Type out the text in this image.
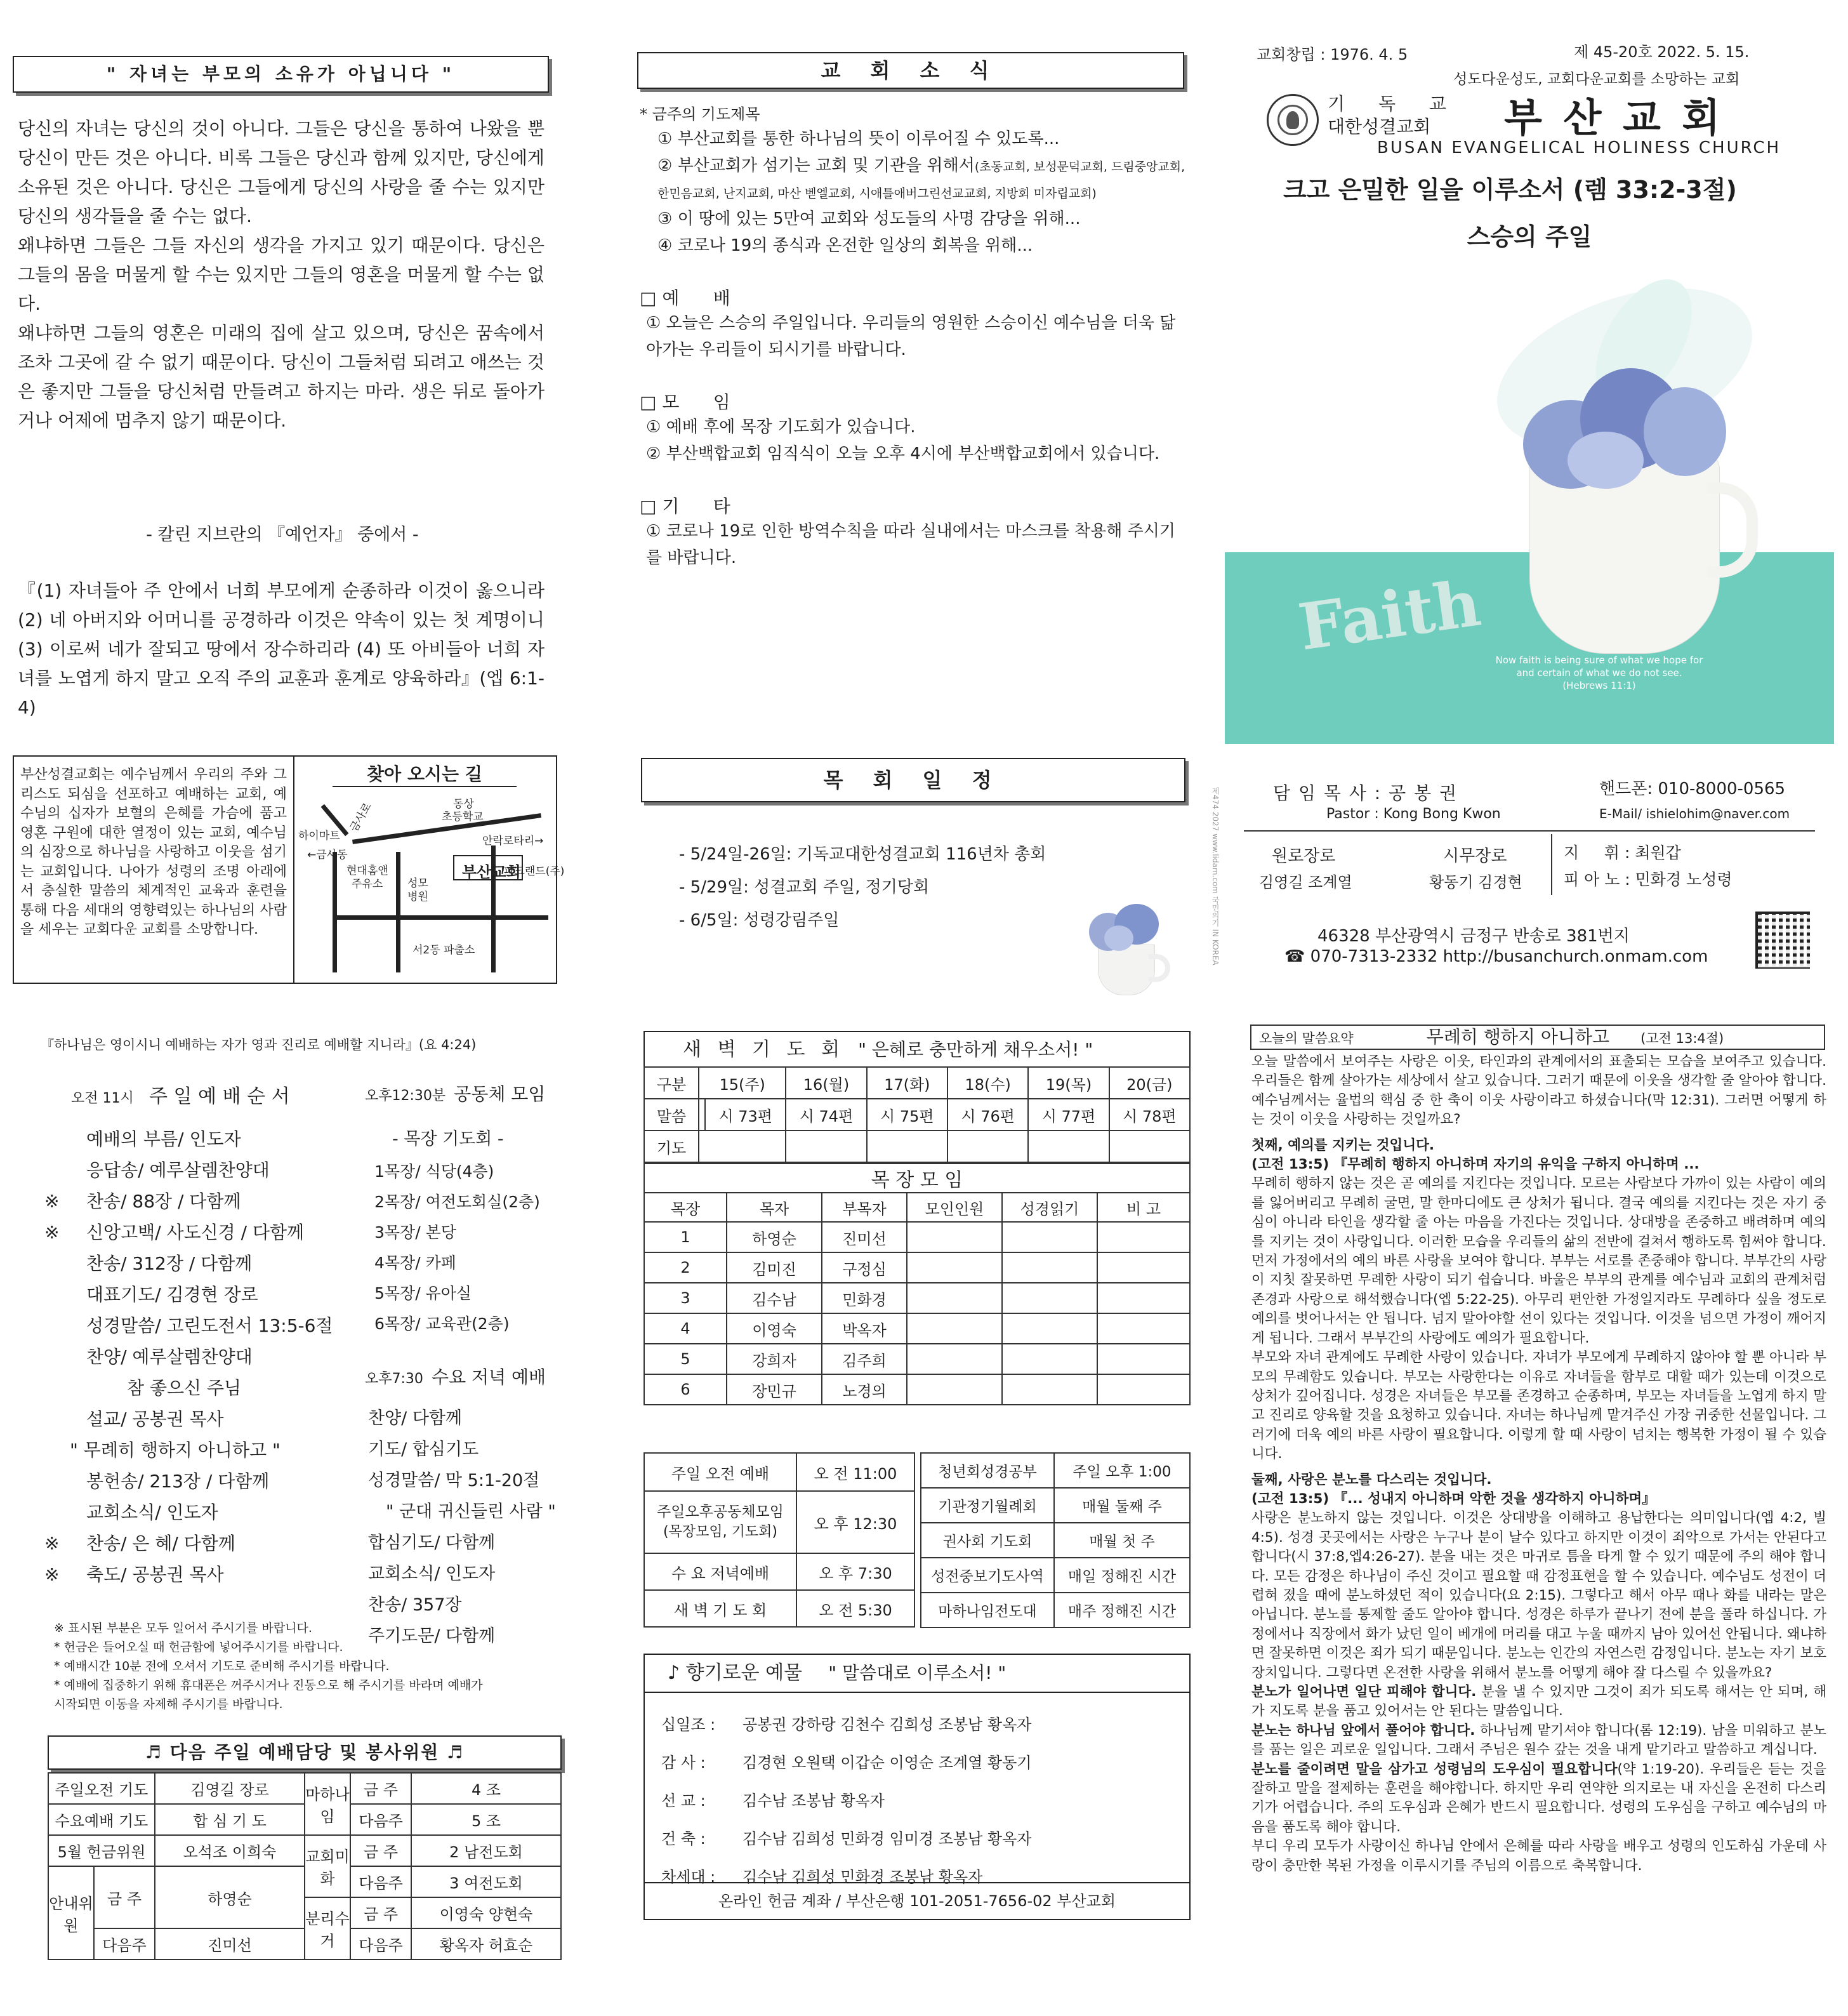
" 자녀는 부모의 소유가 아닙니다 "

당신의 자녀는 당신의 것이 아니다. 그들은 당신을 통하여 나왔을 뿐 당신이 만든 것은 아니다. 비록 그들은 당신과 함께 있지만, 당신에게 소유된 것은 아니다. 당신은 그들에게 당신의 사랑을 줄 수는 있지만 당신의 생각들을 줄 수는 없다.

왜냐하면 그들은 그들 자신의 생각을 가지고 있기 때문이다. 당신은 그들의 몸을 머물게 할 수는 있지만 그들의 영혼을 머물게 할 수는 없다.

왜냐하면 그들의 영혼은 미래의 집에 살고 있으며, 당신은 꿈속에서조차 그곳에 갈 수 없기 때문이다. 당신이 그들처럼 되려고 애쓰는 것은 좋지만 그들을 당신처럼 만들려고 하지는 마라. 생은 뒤로 돌아가거나 어제에 멈추지 않기 때문이다.

- 칼린 지브란의 『예언자』 중에서 -

『(1) 자녀들아 주 안에서 너희 부모에게 순종하라 이것이 옳으니라 (2) 네 아버지와 어머니를 공경하라 이것은 약속이 있는 첫 계명이니 (3) 이로써 네가 잘되고 땅에서 장수하리라 (4) 또 아비들아 너희 자녀를 노엽게 하지 말고 오직 주의 교훈과 훈계로 양육하라』(엡 6:1-4)

부산성결교회는 예수님께서 우리의 주와 그리스도 되심을 선포하고 예배하는 교회, 예수님의 십자가 보혈의 은혜를 가슴에 품고 영혼 구원에 대한 열정이 있는 교회, 예수님의 심장으로 하나님을 사랑하고 이웃을 섬기는 교회입니다. 나아가 성령의 조명 아래에서 충실한 말씀의 체계적인 교육과 훈련을 통해 다음 세대의 영향력있는 하나님의 사람을 세우는 교회다운 교회를 소망합니다.

찾아 오시는 길
하이마트
←금사동
금사로	동상
초등학교
안락로타리→
현대홈앤
주유소 성모
병원
파크랜드(주)
부산교회
서2동 파출소
『하나님은 영이시니 예배하는 자가 영과 진리로 예배할 지니라』(요 4:24)
오전 11시 주 일 예 배 순 서
예배의 부름/ 인도자
응답송/ 예루살렘찬양대
※ 찬송/ 88장 / 다함께
※ 신앙고백/ 사도신경 / 다함께
찬송/ 312장 / 다함께
대표기도/ 김경현 장로
성경말씀/ 고린도전서 13:5-6절
찬양/ 예루살렘찬양대
참 좋으신 주님
설교/ 공봉권 목사
" 무례히 행하지 아니하고 "
봉헌송/ 213장 / 다함께
교회소식/ 인도자
※ 찬송/ 은 혜/ 다함께
※ 축도/ 공봉권 목사
오후12:30분 공동체 모임
- 목장 기도회 -
1목장/ 식당(4층)
2목장/ 여전도회실(2층)
3목장/ 본당
4목장/ 카페
5목장/ 유아실
6목장/ 교육관(2층)
오후7:30 수요 저녁 예배
찬양/ 다함께
기도/ 합심기도
성경말씀/ 막 5:1-20절
" 군대 귀신들린 사람 "
합심기도/ 다함께
교회소식/ 인도자
찬송/ 357장
주기도문/ 다함께
※ 표시된 부분은 모두 일어서 주시기를 바랍니다.
* 헌금은 들어오실 때 헌금함에 넣어주시기를 바랍니다.
* 예배시간 10분 전에 오셔서 기도로 준비해 주시기를 바랍니다.
* 예배에 집중하기 위해 휴대폰은 꺼주시거나 진동으로 해 주시기를 바라며 예배가
시작되면 이동을 자제해 주시기를 바랍니다.
♬ 다음 주일 예배담당 및 봉사위원 ♬
주일오전 기도		김영길 장로	마하나임	금 주	4 조
수요예배 기도		합 심 기 도		다음주	5 조
5월 헌금위원		오석조 이희숙	교회미화	금 주	2 남전도회
안내위원	금 주	하영순		다음주	3 여전도회
			분리수거	금 주	이영숙 양현숙
	다음주	진미선		다음주	황옥자 허효순
교 회 소 식
* 금주의 기도제목
① 부산교회를 통한 하나님의 뜻이 이루어질 수 있도록...
② 부산교회가 섬기는 교회 및 기관을 위해서(초동교회, 보성문덕교회, 드림중앙교회, 한민음교회, 난지교회, 마산 벧엘교회, 시애틀애버그린선교교회, 지방회 미자립교회)
③ 이 땅에 있는 5만여 교회와 성도들의 사명 감당을 위해...
④ 코로나 19의 종식과 온전한 일상의 회복을 위해...
□ 예      배
① 오늘은 스승의 주일입니다. 우리들의 영원한 스승이신 예수님을 더욱 닮아가는 우리들이 되시기를 바랍니다.
□ 모      임
① 예배 후에 목장 기도회가 있습니다.
② 부산백합교회 임직식이 오늘 오후 4시에 부산백합교회에서 있습니다.
□ 기      타
① 코로나 19로 인한 방역수칙을 따라 실내에서는 마스크를 착용해 주시기를 바랍니다.
목 회 일 정
- 5/24일-26일: 기독교대한성결교회 116년차 총회
- 5/29일: 성결교회 주일, 정기당회
- 6/5일: 성령강림주일	제474 2027 www.lidam.com 국민의기 IN KOREA
새 벽 기 도 회 " 은혜로 충만하게 채우소서! "
구분	15(주)		16(월)	17(화)	18(수)	19(목)	20(금)
말씀		시 73편	시 74편	시 75편	시 76편	시 77편	시 78편
기도							
목 장 모 임					
목장	목자	부목자	모인인원	성경읽기	비 고
1	하영순	진미선			
2	김미진	구정심			
3	김수남	민화경			
4	이영숙	박옥자			
5	강희자	김주희			
6	장민규	노경의			
주일 오전 예배	오 전 11:00

주일오후공동체모임
(목장모임, 기도회)	오 후 12:30
수 요 저녁예배	오 후 7:30
새 벽 기 도 회	오 전 5:30
청년회성경공부	주일 오후 1:00
기관정기월례회	매월 둘째 주
권사회 기도회	매월 첫 주
성전중보기도사역	매일 정해진 시간
마하나임전도대	매주 정해진 시간
♪ 향기로운 예물 " 말씀대로 이루소서! "
십일조 : 공봉권 강하랑 김천수 김희성 조봉남 황옥자
감 사 : 김경현 오원택 이갑순 이영순 조계열 황동기
선 교 : 김수남 조봉남 황옥자
건 축 : 김수남 김희성 민화경 임미경 조봉남 황옥자
차세대 : 김수남 김희성 민화경 조봉남 황옥자
온라인 헌금 계좌 / 부산은행 101-2051-7656-02 부산교회
교회창립 : 1976. 4. 5	제 45-20호 2022. 5. 15.
성도다운성도, 교회다운교회를 소망하는 교회
기 독 교
대한성결교회	부 산 교 회
BUSAN EVANGELICAL HOLINESS CHURCH
크고 은밀한 일을 이루소서 (렘 33:2-3절)
스승의 주일
Faith	Now faith is being sure of what we hope for
and certain of what we do not see.
(Hebrews 11:1)
담 임 목 사 : 공 봉 권
Pastor : Kong Bong Kwon
핸드폰: 010-8000-0565
E-Mail/ ishielohim@naver.com
원로장로
김영길 조계열
시무장로
황동기 김경현
지     휘 : 최원갑
피 아 노 : 민화경 노성령
46328 부산광역시 금정구 반송로 381번지
☎ 070-7313-2332 http://busanchurch.onmam.com
오늘의 말씀요약	무례히 행하지 아니하고 (고전 13:4절)

오늘 말씀에서 보여주는 사랑은 이웃, 타인과의 관계에서의 표출되는 모습을 보여주고 있습니다. 우리들은 함께 살아가는 세상에서 살고 있습니다. 그러기 때문에 이웃을 생각할 줄 알아야 합니다. 예수님께서는 율법의 핵심 중 한 축이 이웃 사랑이라고 하셨습니다(막 12:31). 그러면 어떻게 하는 것이 이웃을 사랑하는 것일까요?

첫째, 예의를 지키는 것입니다.

(고전 13:5) 『무례히 행하지 아니하며 자기의 유익을 구하지 아니하며 ...
무례히 행하지 않는 것은 곧 예의를 지킨다는 것입니다. 모르는 사람보다 가까이 있는 사람이 예의를 잃어버리고 무례히 굴면, 말 한마디에도 큰 상처가 됩니다. 결국 예의를 지킨다는 것은 자기 중심이 아니라 타인을 생각할 줄 아는 마음을 가진다는 것입니다. 상대방을 존중하고 배려하며 예의를 지키는 것이 사랑입니다. 이러한 모습을 우리들의 삶의 전반에 걸쳐서 행하도록 힘써야 합니다.

먼저 가정에서의 예의 바른 사랑을 보여야 합니다. 부부는 서로를 존중해야 합니다. 부부간의 사랑이 지칫 잘못하면 무례한 사랑이 되기 쉽습니다. 바울은 부부의 관계를 예수님과 교회의 관계처럼 존경과 사랑으로 해석했습니다(엡 5:22-25). 아무리 편안한 가정일지라도 무례하다 싶을 정도로 예의를 벗어나서는 안 됩니다. 넘지 말아야할 선이 있다는 것입니다. 이것을 넘으면 가정이 깨어지게 됩니다. 그래서 부부간의 사랑에도 예의가 필요합니다.

부모와 자녀 관계에도 무례한 사랑이 있습니다. 자녀가 부모에게 무례하지 않아야 할 뿐 아니라 부모의 무례함도 있습니다. 부모는 사랑한다는 이유로 자녀들을 함부로 대할 때가 있는데 이것으로 상처가 깊어집니다. 성경은 자녀들은 부모를 존경하고 순종하며, 부모는 자녀들을 노엽게 하지 말고 진리로 양육할 것을 요청하고 있습니다. 자녀는 하나님께 맡겨주신 가장 귀중한 선물입니다. 그러기에 더욱 예의 바른 사랑이 필요합니다. 이렇게 할 때 사랑이 넘치는 행복한 가정이 될 수 있습니다.

둘째, 사랑은 분노를 다스리는 것입니다.

(고전 13:5) 『... 성내지 아니하며 악한 것을 생각하지 아니하며』
사랑은 분노하지 않는 것입니다. 이것은 상대방을 이해하고 용납한다는 의미입니다(엡 4:2, 빌4:5). 성경 곳곳에서는 사랑은 누구나 분이 날수 있다고 하지만 이것이 죄악으로 가서는 안된다고 합니다(시 37:8,엡4:26-27). 분을 내는 것은 마귀로 틈을 타게 할 수 있기 때문에 주의 해야 합니다. 모든 감정은 하나님이 주신 것이고 필요할 때 감정표현을 할 수 있습니다. 예수님도 성전이 더렵혀 졌을 때에 분노하셨던 적이 있습니다(요 2:15). 그렇다고 해서 아무 때나 화를 내라는 말은 아닙니다. 분노를 통제할 줄도 알아야 합니다. 성경은 하루가 끝나기 전에 분을 풀라 하십니다. 가정에서나 직장에서 화가 났던 일이 베개에 머리를 대고 누울 때까지 남아 있어선 안됩니다. 왜냐하면 잘못하면 이것은 죄가 되기 때문입니다. 분노는 인간의 자연스런 감정입니다. 분노는 자기 보호 장치입니다. 그렇다면 온전한 사랑을 위해서 분노를 어떻게 해야 잘 다스릴 수 있을까요?

분노가 일어나면 일단 피해야 합니다. 분을 낼 수 있지만 그것이 죄가 되도록 해서는 안 되며, 해가 지도록 분을 품고 있어서는 안 된다는 말씀입니다.

분노는 하나님 앞에서 풀어야 합니다. 하나님께 맡기셔야 합니다(롬 12:19). 남을 미워하고 분노를 품는 일은 괴로운 일입니다. 그래서 주님은 원수 갚는 것을 내게 맡기라고 말씀하고 계십니다.

분노를 줄이려면 말을 삼가고 성령님의 도우심이 필요합니다(약 1:19-20). 우리들은 듣는 것을 잘하고 말을 절제하는 훈련을 해야합니다. 하지만 우리 연약한 의지로는 내 자신을 온전히 다스리기가 어렵습니다. 주의 도우심과 은혜가 반드시 필요합니다. 성령의 도우심을 구하고 예수님의 마음을 품도록 해야 합니다.

부디 우리 모두가 사랑이신 하나님 안에서 은혜를 따라 사랑을 배우고 성령의 인도하심 가운데 사랑이 충만한 복된 가정을 이루시기를 주님의 이름으로 축복합니다.
